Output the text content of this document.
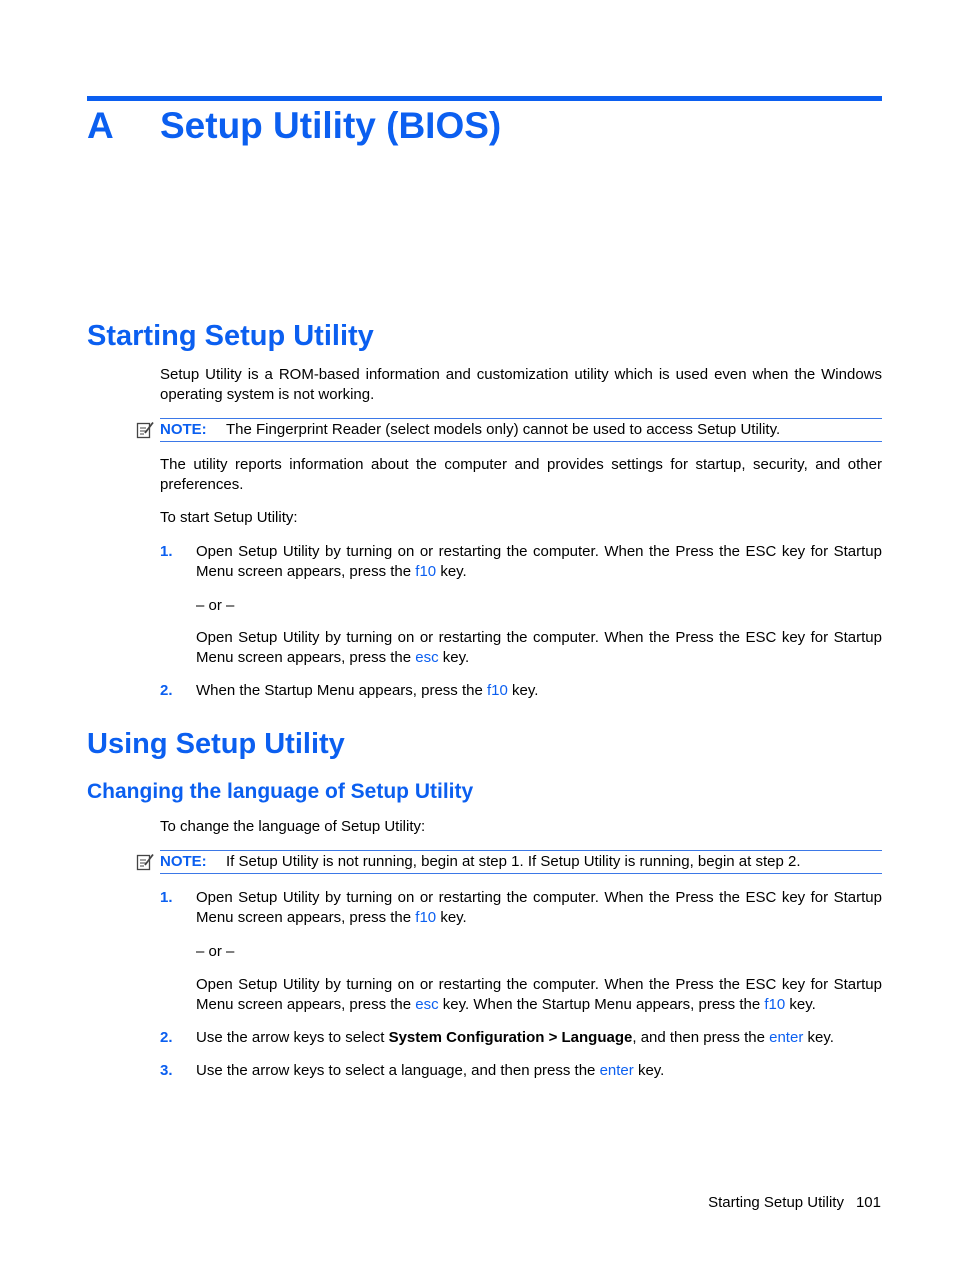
A Setup Utility (BIOS)
Starting Setup Utility
Setup Utility is a ROM-based information and customization utility which is used even when the Windows operating system is not working.
NOTE: The Fingerprint Reader (select models only) cannot be used to access Setup Utility.
The utility reports information about the computer and provides settings for startup, security, and other preferences.
To start Setup Utility:
1. Open Setup Utility by turning on or restarting the computer. When the Press the ESC key for Startup Menu screen appears, press the f10 key.
– or –
Open Setup Utility by turning on or restarting the computer. When the Press the ESC key for Startup Menu screen appears, press the esc key.
2. When the Startup Menu appears, press the f10 key.
Using Setup Utility
Changing the language of Setup Utility
To change the language of Setup Utility:
NOTE: If Setup Utility is not running, begin at step 1. If Setup Utility is running, begin at step 2.
1. Open Setup Utility by turning on or restarting the computer. When the Press the ESC key for Startup Menu screen appears, press the f10 key.
– or –
Open Setup Utility by turning on or restarting the computer. When the Press the ESC key for Startup Menu screen appears, press the esc key. When the Startup Menu appears, press the f10 key.
2. Use the arrow keys to select System Configuration > Language, and then press the enter key.
3. Use the arrow keys to select a language, and then press the enter key.
Starting Setup Utility 101
